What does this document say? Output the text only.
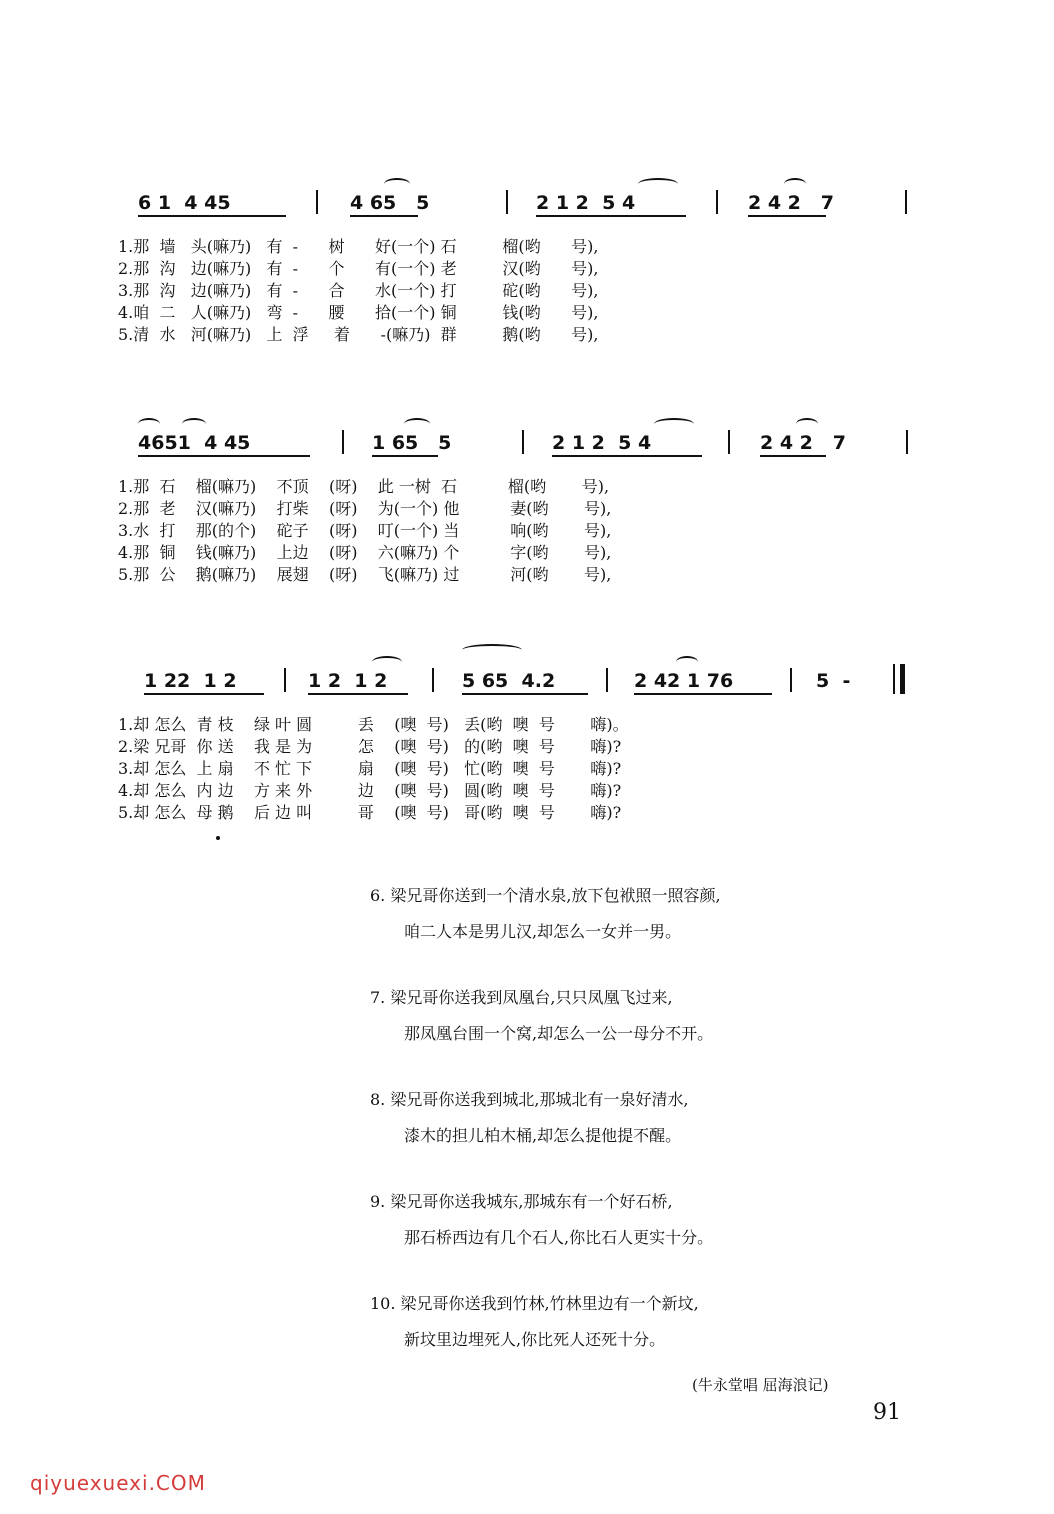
6 1  4 45	4 65   5	2 1 2  5 4	2 4 2   7
1.那  墙   头(嘛乃)   有  -      树      好(一个) 石         榴(哟      号),
2.那  沟   边(嘛乃)   有  -      个      有(一个) 老         汉(哟      号),
3.那  沟   边(嘛乃)   有  -      合      水(一个) 打         砣(哟      号),
4.咱  二   人(嘛乃)   弯  -      腰      拾(一个) 铜         钱(哟      号),
5.清  水   河(嘛乃)   上  浮     着      -(嘛乃)  群         鹅(哟      号),
4651  4 45	1 65   5	2 1 2  5 4	2 4 2   7
1.那  石    榴(嘛乃)    不顶    (呀)    此 一树  石          榴(哟       号),
2.那  老    汉(嘛乃)    打柴    (呀)    为(一个) 他          妻(哟       号),
3.水  打    那(的个)    砣子    (呀)    叮(一个) 当          响(哟       号),
4.那  铜    钱(嘛乃)    上边    (呀)    六(嘛乃) 个          字(哟       号),
5.那  公    鹅(嘛乃)    展翅    (呀)    飞(嘛乃) 过          河(哟       号),
1 22  1 2	1 2  1 2	5 65  4.2	2 42 1 76	5  -
1.却 怎么  青 枝    绿 叶 圆         丢    (噢  号)   丢(哟  噢  号       嗨)。
2.梁 兄哥  你 送    我 是 为         怎    (噢  号)   的(哟  噢  号       嗨)?
3.却 怎么  上 扇    不 忙 下         扇    (噢  号)   忙(哟  噢  号       嗨)?
4.却 怎么  内 边    方 来 外         边    (噢  号)   圆(哟  噢  号       嗨)?
5.却 怎么  母 鹅    后 边 叫         哥    (噢  号)   哥(哟  噢  号       嗨)?
6. 梁兄哥你送到一个清水泉,放下包袱照一照容颜,
咱二人本是男儿汉,却怎么一女并一男。
7. 梁兄哥你送我到凤凰台,只只凤凰飞过来,
那凤凰台围一个窝,却怎么一公一母分不开。
8. 梁兄哥你送我到城北,那城北有一泉好清水,
漆木的担儿柏木桶,却怎么提他提不醒。
9. 梁兄哥你送我城东,那城东有一个好石桥,
那石桥西边有几个石人,你比石人更实十分。
10. 梁兄哥你送我到竹林,竹林里边有一个新坟,
新坟里边埋死人,你比死人还死十分。
(牛永堂唱 屈海浪记)
91
qiyuexuexi.COM
